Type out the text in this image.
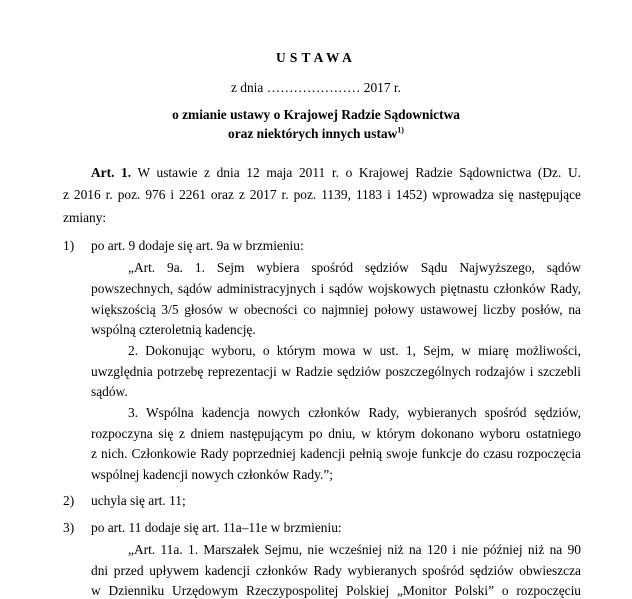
USTAWA
z dnia ………………… 2017 r.
o zmianie ustawy o Krajowej Radzie Sądownictwa
oraz niektórych innych ustaw$^{1)}$
Art. 1. W ustawie z dnia 12 maja 2011 r. o Krajowej Radzie Sądownictwa (Dz. U.
z 2016 r. poz. 976 i 2261 oraz z 2017 r. poz. 1139, 1183 i 1452) wprowadza się następujące
zmiany:
1) po art. 9 dodaje się art. 9a w brzmieniu:
„Art. 9a. 1. Sejm wybiera spośród sędziów Sądu Najwyższego, sądów
powszechnych, sądów administracyjnych i sądów wojskowych piętnastu członków Rady,
większością 3/5 głosów w obecności co najmniej połowy ustawowej liczby posłów, na
wspólną czteroletnią kadencję.
2. Dokonując wyboru, o którym mowa w ust. 1, Sejm, w miarę możliwości,
uwzględnia potrzebę reprezentacji w Radzie sędziów poszczególnych rodzajów i szczebli
sądów.
3. Wspólna kadencja nowych członków Rady, wybieranych spośród sędziów,
rozpoczyna się z dniem następującym po dniu, w którym dokonano wyboru ostatniego
z nich. Członkowie Rady poprzedniej kadencji pełnią swoje funkcje do czasu rozpoczęcia
wspólnej kadencji nowych członków Rady.”;
2) uchyla się art. 11;
3) po art. 11 dodaje się art. 11a–11e w brzmieniu:
„Art. 11a. 1. Marszałek Sejmu, nie wcześniej niż na 120 i nie później niż na 90
dni przed upływem kadencji członków Rady wybieranych spośród sędziów obwieszcza
w Dzienniku Urzędowym Rzeczypospolitej Polskiej „Monitor Polski” o rozpoczęciu
